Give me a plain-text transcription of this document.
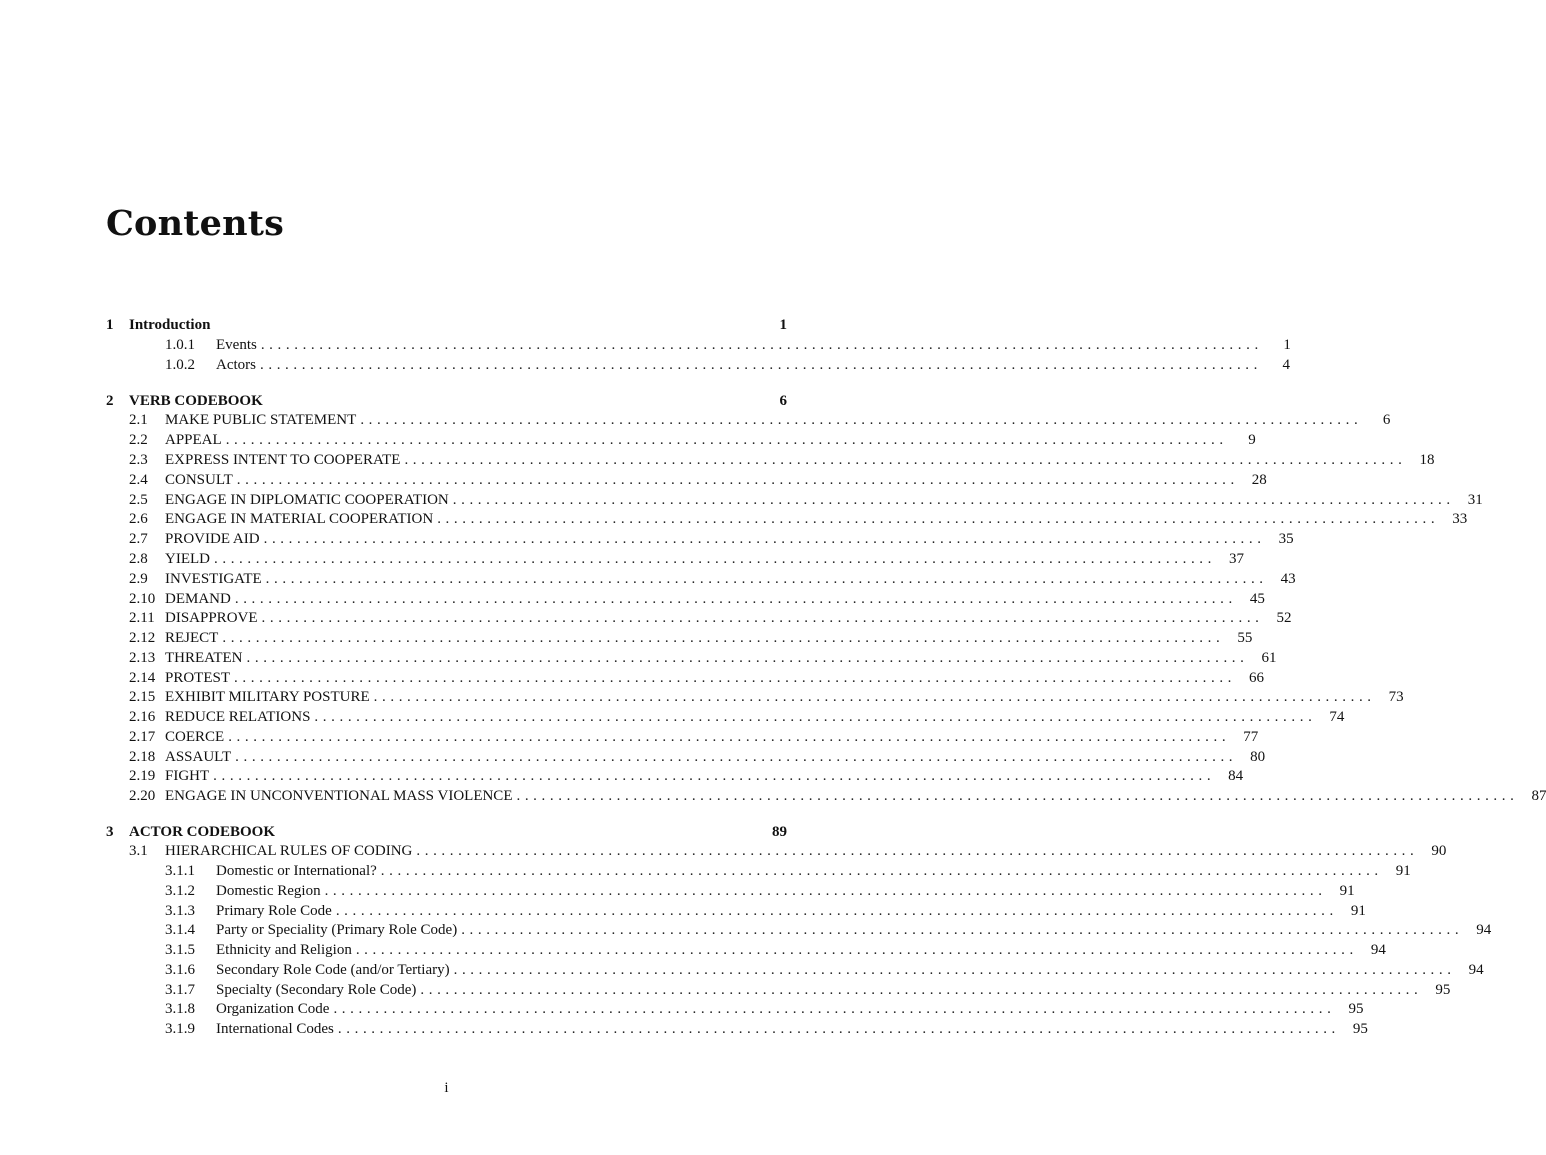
Contents
1 Introduction	1
1.0.1 Events ........................................................................................................................	1
1.0.2 Actors ........................................................................................................................	4
2 VERB CODEBOOK	6
2.1 MAKE PUBLIC STATEMENT ........................................................................................................................	6
2.2 APPEAL ........................................................................................................................	9
2.3 EXPRESS INTENT TO COOPERATE ........................................................................................................................ 18
2.4 CONSULT ........................................................................................................................ 28
2.5 ENGAGE IN DIPLOMATIC COOPERATION ........................................................................................................................ 31
2.6 ENGAGE IN MATERIAL COOPERATION ........................................................................................................................ 33
2.7 PROVIDE AID ........................................................................................................................ 35
2.8 YIELD ........................................................................................................................ 37
2.9 INVESTIGATE ........................................................................................................................ 43
2.10 DEMAND ........................................................................................................................ 45
2.11 DISAPPROVE ........................................................................................................................ 52
2.12 REJECT ........................................................................................................................ 55
2.13 THREATEN ........................................................................................................................ 61
2.14 PROTEST ........................................................................................................................ 66
2.15 EXHIBIT MILITARY POSTURE ........................................................................................................................ 73
2.16 REDUCE RELATIONS ........................................................................................................................ 74
2.17 COERCE ........................................................................................................................ 77
2.18 ASSAULT ........................................................................................................................ 80
2.19 FIGHT ........................................................................................................................ 84
2.20 ENGAGE IN UNCONVENTIONAL MASS VIOLENCE ........................................................................................................................ 87
3 ACTOR CODEBOOK	89
3.1 HIERARCHICAL RULES OF CODING ........................................................................................................................ 90
3.1.1 Domestic or International? ........................................................................................................................ 91
3.1.2 Domestic Region ........................................................................................................................ 91
3.1.3 Primary Role Code ........................................................................................................................ 91
3.1.4 Party or Speciality (Primary Role Code) ........................................................................................................................ 94
3.1.5 Ethnicity and Religion ........................................................................................................................ 94
3.1.6 Secondary Role Code (and/or Tertiary) ........................................................................................................................ 94
3.1.7 Specialty (Secondary Role Code) ........................................................................................................................ 95
3.1.8 Organization Code ........................................................................................................................ 95
3.1.9 International Codes ........................................................................................................................ 95
i
